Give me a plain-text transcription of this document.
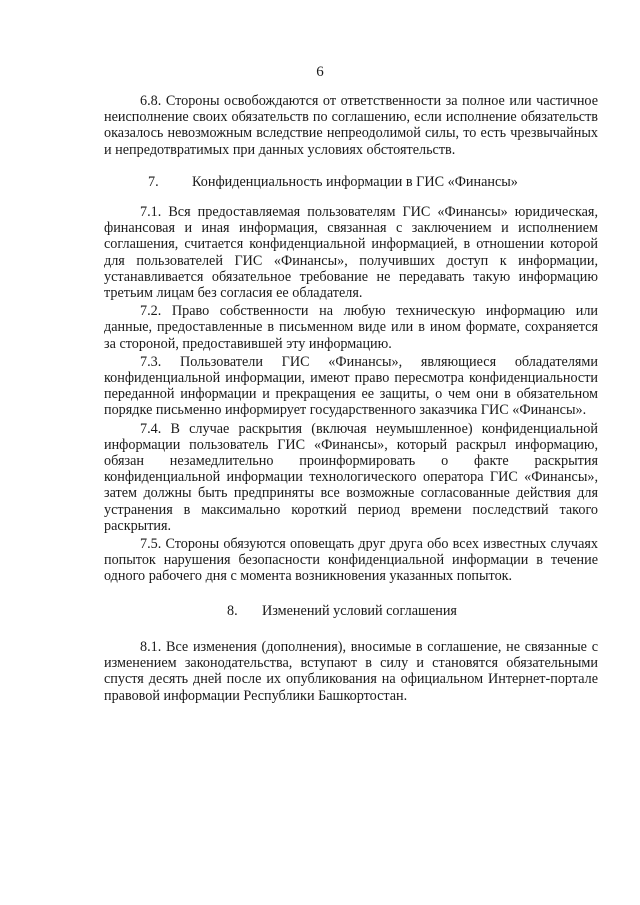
6

6.8. Стороны освобождаются от ответственности за полное или частичное неисполнение своих обязательств по соглашению, если исполнение обязательств оказалось невозможным вследствие непреодолимой силы, то есть чрезвычайных и непредотвратимых при данных условиях обстоятельств.

7. Конфиденциальность информации в ГИС «Финансы»

7.1. Вся предоставляемая пользователям ГИС «Финансы» юридическая, финансовая и иная информация, связанная с заключением и исполнением соглашения, считается конфиденциальной информацией, в отношении которой для пользователей ГИС «Финансы», получивших доступ к информации, устанавливается обязательное требование не передавать такую информацию третьим лицам без согласия ее обладателя.

7.2. Право собственности на любую техническую информацию или данные, предоставленные в письменном виде или в ином формате, сохраняется за стороной, предоставившей эту информацию.

7.3. Пользователи ГИС «Финансы», являющиеся обладателями конфиденциальной информации, имеют право пересмотра конфиденциальности переданной информации и прекращения ее защиты, о чем они в обязательном порядке письменно информирует государственного заказчика ГИС «Финансы».

7.4. В случае раскрытия (включая неумышленное) конфиденциальной информации пользователь ГИС «Финансы», который раскрыл информацию, обязан незамедлительно проинформировать о факте раскрытия конфиденциальной информации технологического оператора ГИС «Финансы», затем должны быть предприняты все возможные согласованные действия для устранения в максимально короткий период времени последствий такого раскрытия.

7.5. Стороны обязуются оповещать друг друга обо всех известных случаях попыток нарушения безопасности конфиденциальной информации в течение одного рабочего дня с момента возникновения указанных попыток.

8. Изменений условий соглашения

8.1. Все изменения (дополнения), вносимые в соглашение, не связанные с изменением законодательства, вступают в силу и становятся обязательными спустя десять дней после их опубликования на официальном Интернет-портале правовой информации Республики Башкортостан.
